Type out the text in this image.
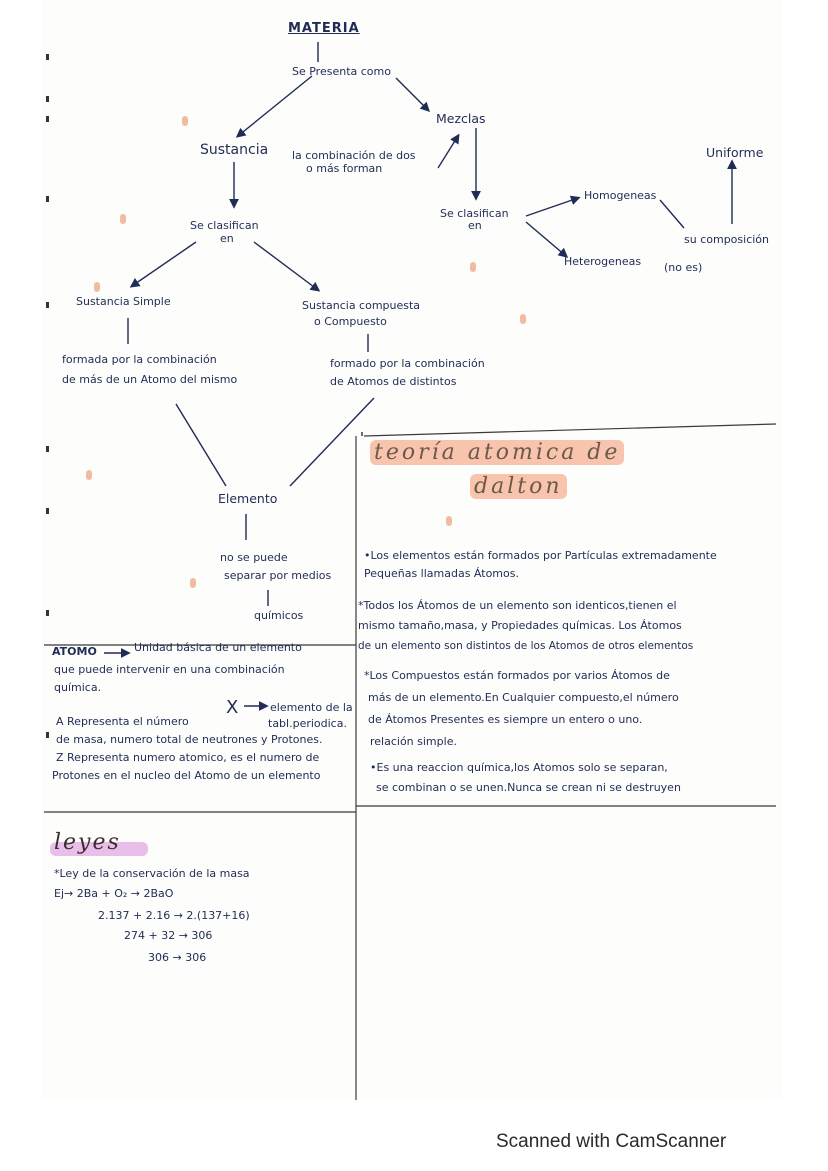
MATERIA
Se Presenta como
Mezclas
Sustancia la combinación de dos
o más forman
Se clasifican
en
Se clasifican
en
Homogeneas
Heterogeneas (no es)
Uniforme
su composición
Sustancia Simple
formada por la combinación
de más de un Atomo del mismo
Sustancia compuesta
o Compuesto
formado por la combinación
de Atomos de distintos
Elemento
no se puede
separar por medios
químicos
ATOMO	Unidad básica de un elemento
que puede intervenir en una combinación
química.
X	elemento de la
tabl.periodica.
A Representa el número
de masa, numero total de neutrones y Protones.
Z Representa numero atomico, es el numero de
Protones en el nucleo del Atomo de un elemento
teoría atomica de
dalton
•Los elementos están formados por Partículas extremadamente
Pequeñas llamadas Átomos.
*Todos los Átomos de un elemento son identicos,tienen el
mismo tamaño,masa, y Propiedades químicas. Los Átomos
de un elemento son distintos de los Atomos de otros elementos
*Los Compuestos están formados por varios Átomos de
más de un elemento.En Cualquier compuesto,el número
de Átomos Presentes es siempre un entero o uno.
relación simple.
•Es una reaccion química,los Atomos solo se separan,
se combinan o se unen.Nunca se crean ni se destruyen
leyes
*Ley de la conservación de la masa
Ej→ 2Ba + O₂ → 2BaO
2.137 + 2.16 → 2.(137+16)
274 + 32 → 306
306 → 306
Scanned with CamScanner
